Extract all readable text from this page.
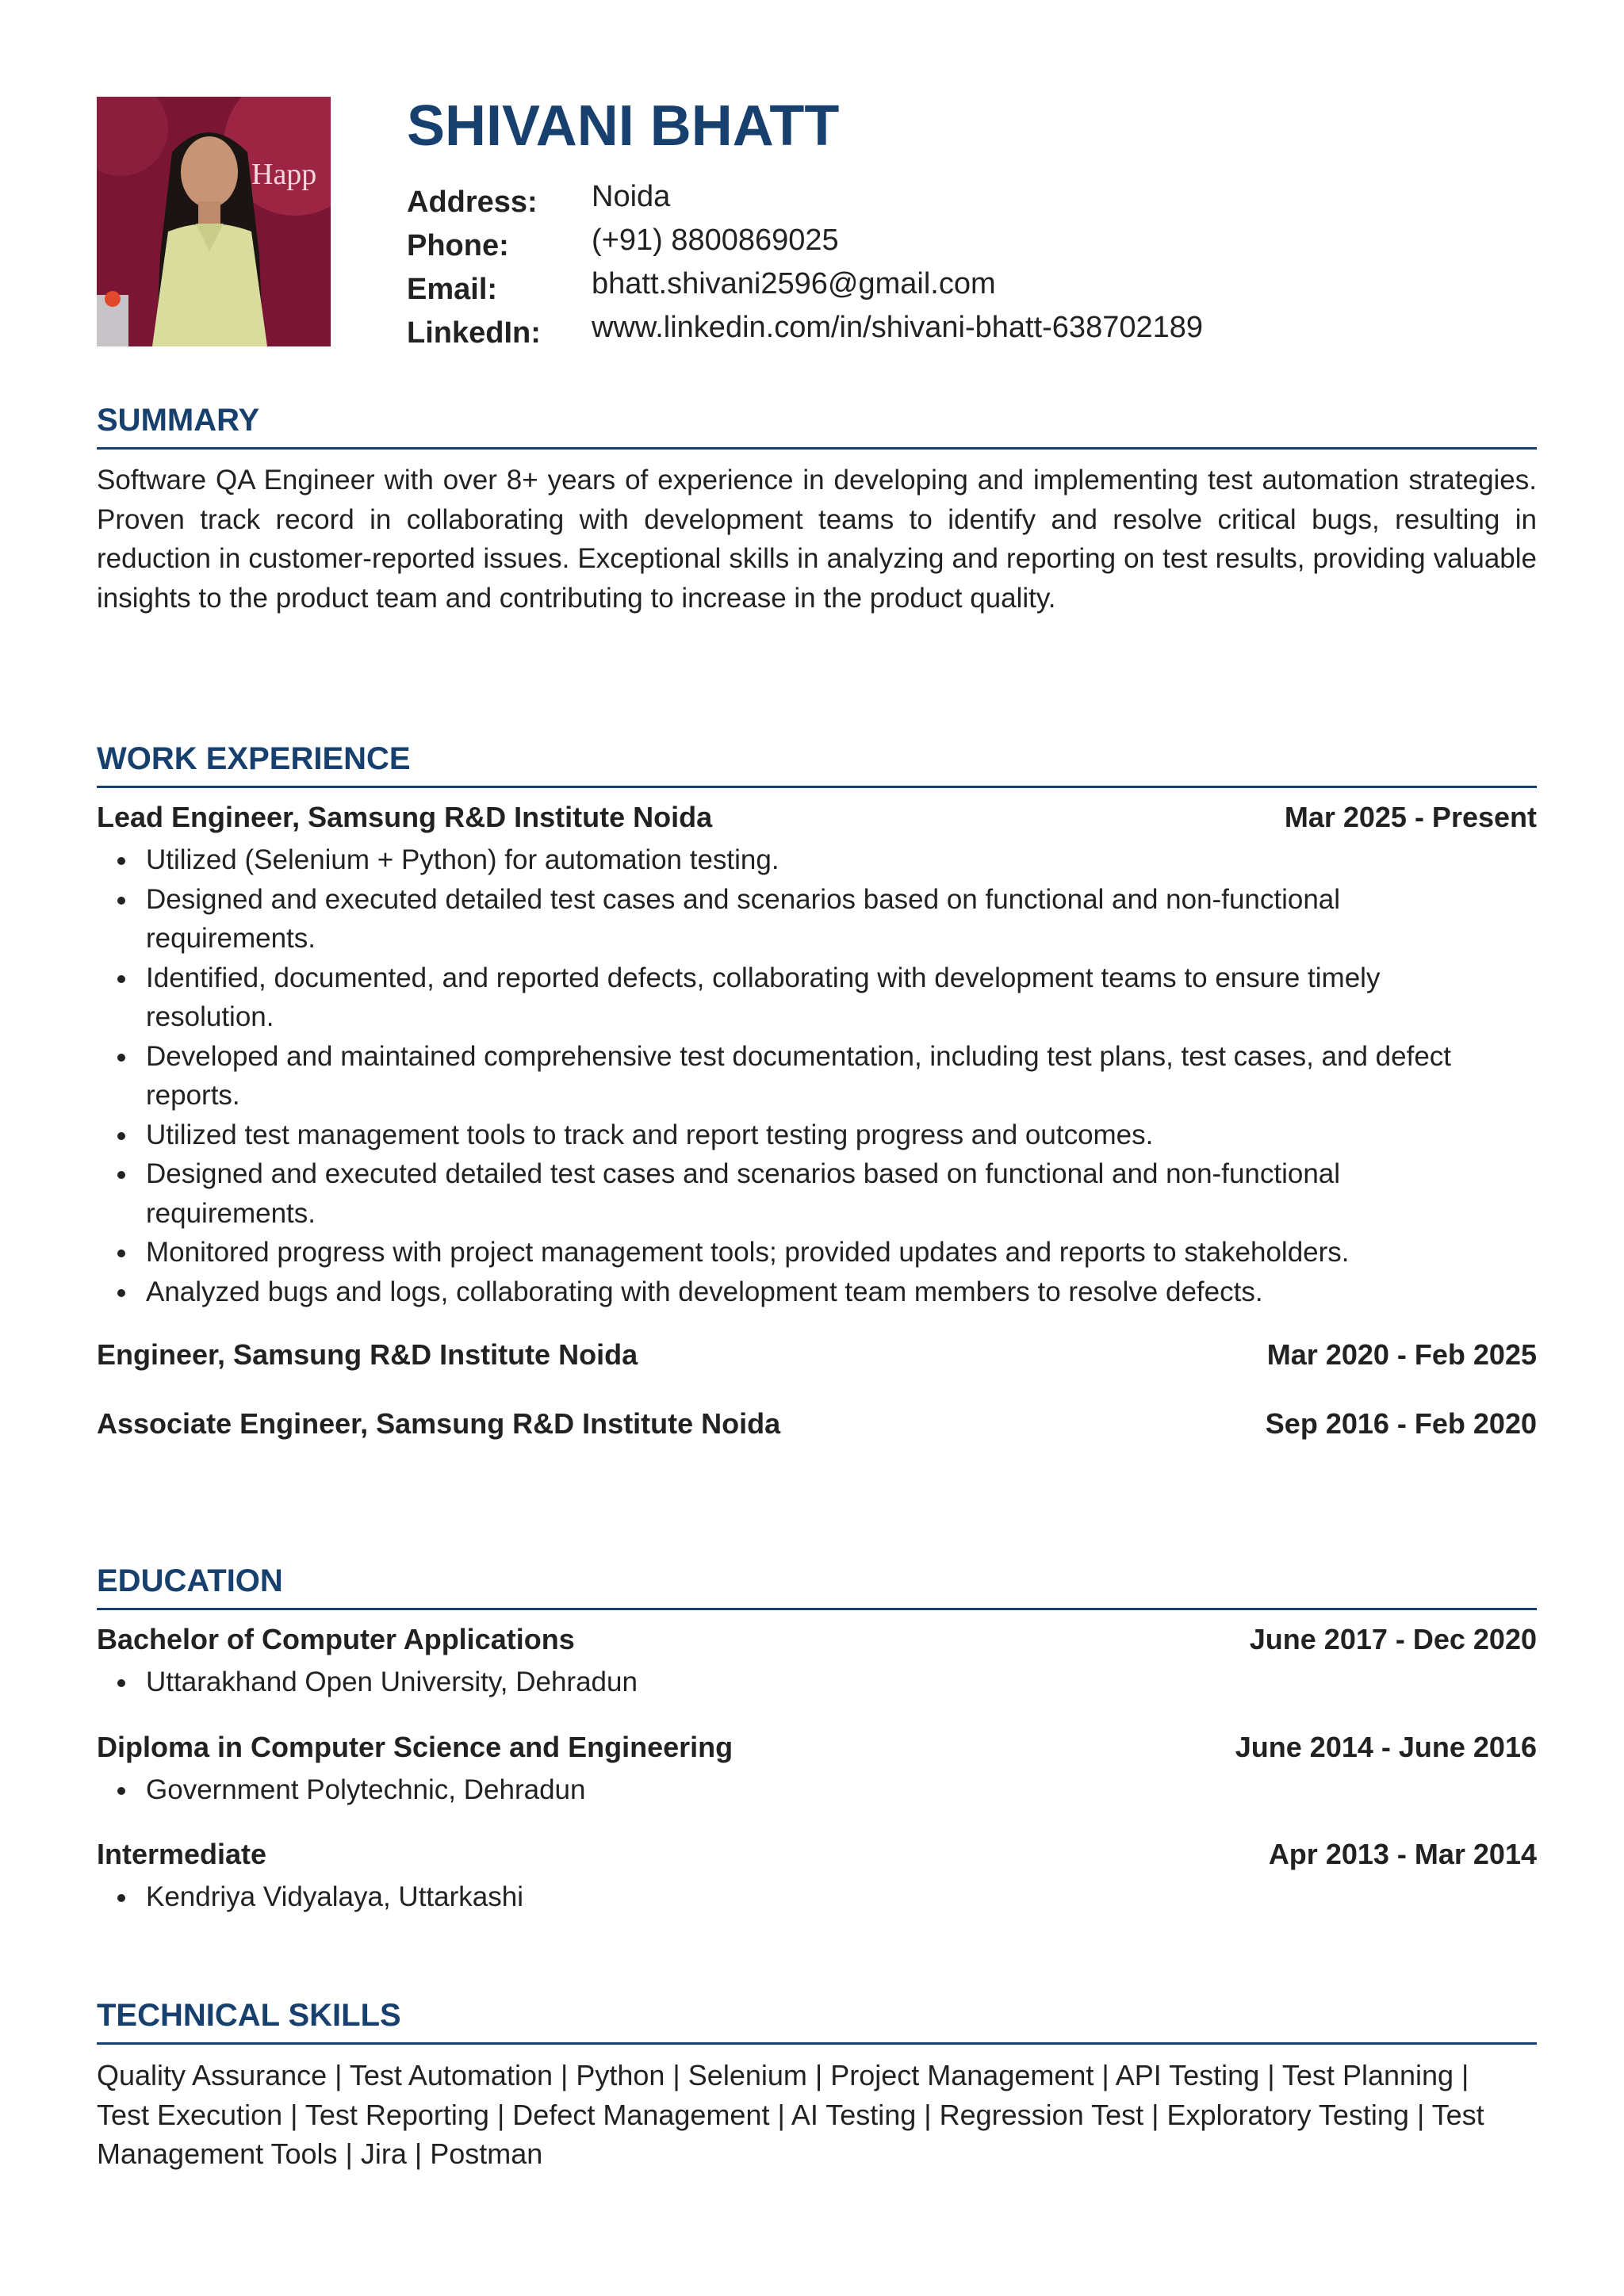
Happ
SHIVANI BHATT
Address: Noida
Phone:	(+91) 8800869025
Email:	bhatt.shivani2596@gmail.com
LinkedIn: www.linkedin.com/in/shivani-bhatt-638702189
SUMMARY

Software QA Engineer with over 8+ years of experience in developing and implementing test automation strategies. Proven track record in collaborating with development teams to identify and resolve critical bugs, resulting in reduction in customer-reported issues. Exceptional skills in analyzing and reporting on test results, providing valuable insights to the product team and contributing to increase in the product quality.

WORK EXPERIENCE
Lead Engineer, Samsung R&D Institute Noida	Mar 2025 - Present
Utilized (Selenium + Python) for automation testing.
Designed and executed detailed test cases and scenarios based on functional and non-functional requirements.
Identified, documented, and reported defects, collaborating with development teams to ensure timely resolution.
Developed and maintained comprehensive test documentation, including test plans, test cases, and defect reports.
Utilized test management tools to track and report testing progress and outcomes.
Designed and executed detailed test cases and scenarios based on functional and non-functional requirements.
Monitored progress with project management tools; provided updates and reports to stakeholders.
Analyzed bugs and logs, collaborating with development team members to resolve defects.
Engineer, Samsung R&D Institute Noida	Mar 2020 - Feb 2025
Associate Engineer, Samsung R&D Institute Noida	Sep 2016 - Feb 2020
EDUCATION
Bachelor of Computer Applications	June 2017 - Dec 2020
Uttarakhand Open University, Dehradun
Diploma in Computer Science and Engineering	June 2014 - June 2016
Government Polytechnic, Dehradun
Intermediate	Apr 2013 - Mar 2014
Kendriya Vidyalaya, Uttarkashi
TECHNICAL SKILLS

Quality Assurance | Test Automation | Python | Selenium | Project Management | API Testing | Test Planning | Test Execution | Test Reporting | Defect Management | AI Testing | Regression Test | Exploratory Testing | Test Management Tools | Jira | Postman
